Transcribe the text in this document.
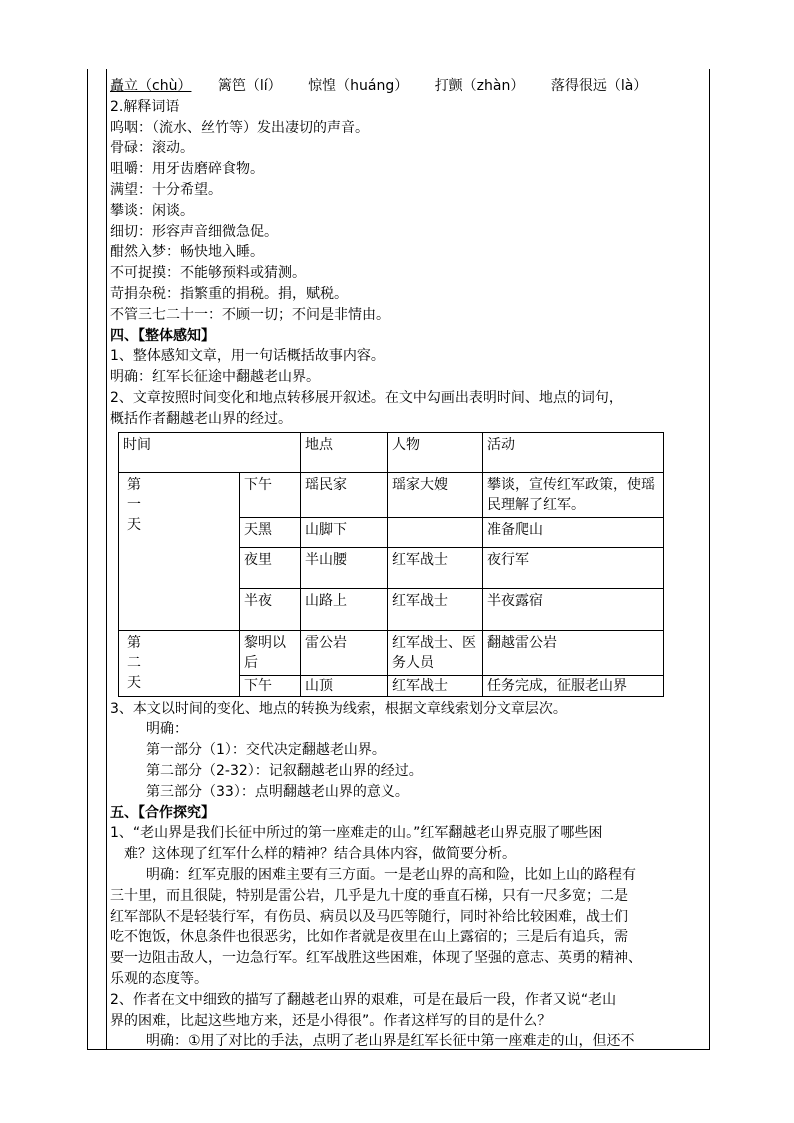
矗立（chù） 篱笆（lí） 惊惶（huáng） 打颤（zhàn） 落得很远（là）
2.解释词语
呜咽：（流水、丝竹等）发出凄切的声音。
骨碌：滚动。
咀嚼：用牙齿磨碎食物。
满望：十分希望。
攀谈：闲谈。
细切：形容声音细微急促。
酣然入梦：畅快地入睡。
不可捉摸：不能够预料或猜测。
苛捐杂税：指繁重的捐税。捐，赋税。
不管三七二十一：不顾一切；不问是非情由。
四、【整体感知】
1、整体感知文章，用一句话概括故事内容。
明确：红军长征途中翻越老山界。
2、文章按照时间变化和地点转移展开叙述。在文中勾画出表明时间、地点的词句，
概括作者翻越老山界的经过。
时间		地点	人物	活动

第
一
天	下午	瑶民家	瑶家大嫂	攀谈，宣传红军政策，使瑶民理解了红军。
	天黑	山脚下		准备爬山
	夜里	半山腰	红军战士	夜行军
	半夜	山路上	红军战士	半夜露宿

第
二
天	黎明以后	雷公岩	红军战士、医务人员	翻越雷公岩
	下午	山顶	红军战士	任务完成，征服老山界
3、本文以时间的变化、地点的转换为线索，根据文章线索划分文章层次。
明确：
第一部分（1）：交代决定翻越老山界。
第二部分（2-32）：记叙翻越老山界的经过。
第三部分（33）：点明翻越老山界的意义。
五、【合作探究】
1、“老山界是我们长征中所过的第一座难走的山。”红军翻越老山界克服了哪些困
难？这体现了红军什么样的精神？结合具体内容，做简要分析。
明确：红军克服的困难主要有三方面。一是老山界的高和险，比如上山的路程有
三十里，而且很陡，特别是雷公岩，几乎是九十度的垂直石梯，只有一尺多宽；二是
红军部队不是轻装行军，有伤员、病员以及马匹等随行，同时补给比较困难，战士们
吃不饱饭，休息条件也很恶劣，比如作者就是夜里在山上露宿的；三是后有追兵，需
要一边阻击敌人，一边急行军。红军战胜这些困难，体现了坚强的意志、英勇的精神、
乐观的态度等。
2、作者在文中细致的描写了翻越老山界的艰难，可是在最后一段，作者又说“老山
界的困难，比起这些地方来，还是小得很”。作者这样写的目的是什么？
明确：①用了对比的手法，点明了老山界是红军长征中第一座难走的山，但还不
